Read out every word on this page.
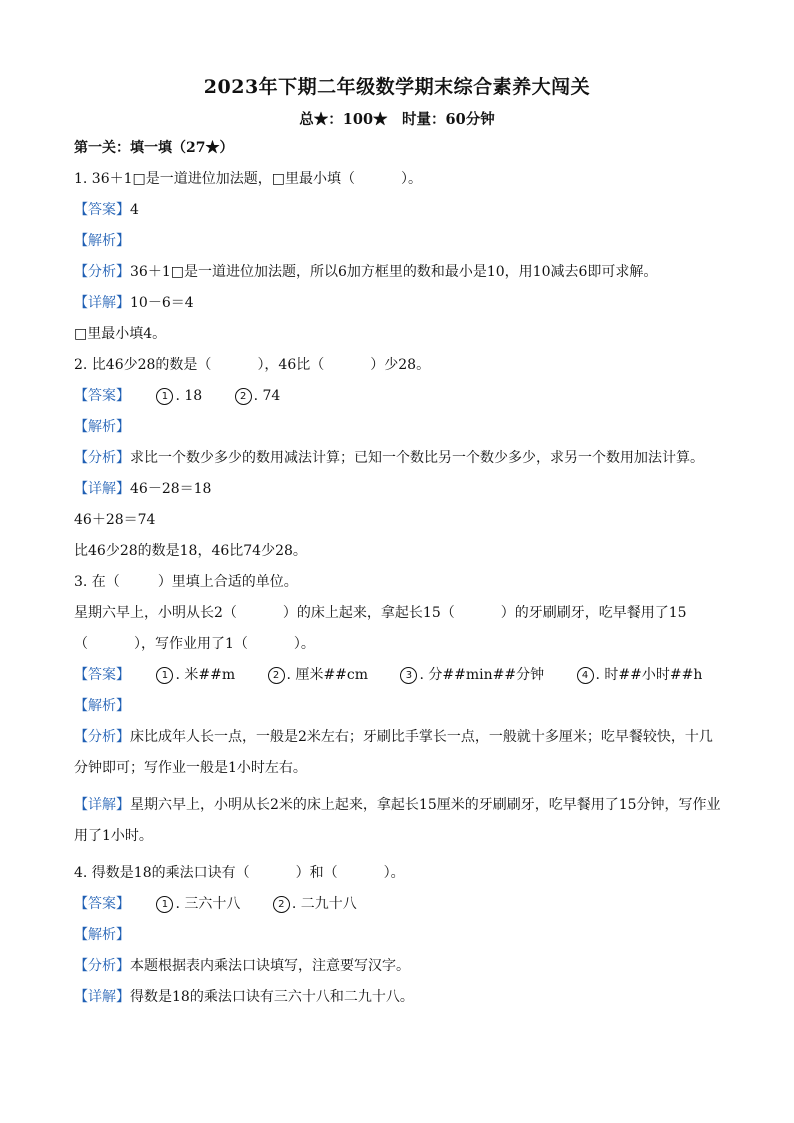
2023年下期二年级数学期末综合素养大闯关
总★：100★　时量：60分钟
第一关：填一填（27★）
1. 36＋1□是一道进位加法题，□里最小填（	）。
【答案】4
【解析】
【分析】36＋1□是一道进位加法题，所以6加方框里的数和最小是10，用10减去6即可求解。
【详解】10－6＝4
□里最小填4。
2. 比46少28的数是（	），46比（	）少28。
【答案】	1 . 18	2 . 74
【解析】
【分析】求比一个数少多少的数用减法计算；已知一个数比另一个数少多少，求另一个数用加法计算。
【详解】46－28＝18
46＋28＝74
比46少28的数是18，46比74少28。
3. 在（	）里填上合适的单位。
星期六早上，小明从长2（	）的床上起来，拿起长15（	）的牙刷刷牙，吃早餐用了15
（	），写作业用了1（	）。
【答案】	1 . 米##m	2 . 厘米##cm	3 . 分##min##分钟	4 . 时##小时##h
【解析】
【分析】床比成年人长一点，一般是2米左右；牙刷比手掌长一点，一般就十多厘米；吃早餐较快，十几分钟即可；写作业一般是1小时左右。
【详解】星期六早上，小明从长2米的床上起来，拿起长15厘米的牙刷刷牙，吃早餐用了15分钟，写作业用了1小时。
4. 得数是18的乘法口诀有（	）和（	）。
【答案】	1 . 三六十八	2 . 二九十八
【解析】
【分析】本题根据表内乘法口诀填写，注意要写汉字。
【详解】得数是18的乘法口诀有三六十八和二九十八。
